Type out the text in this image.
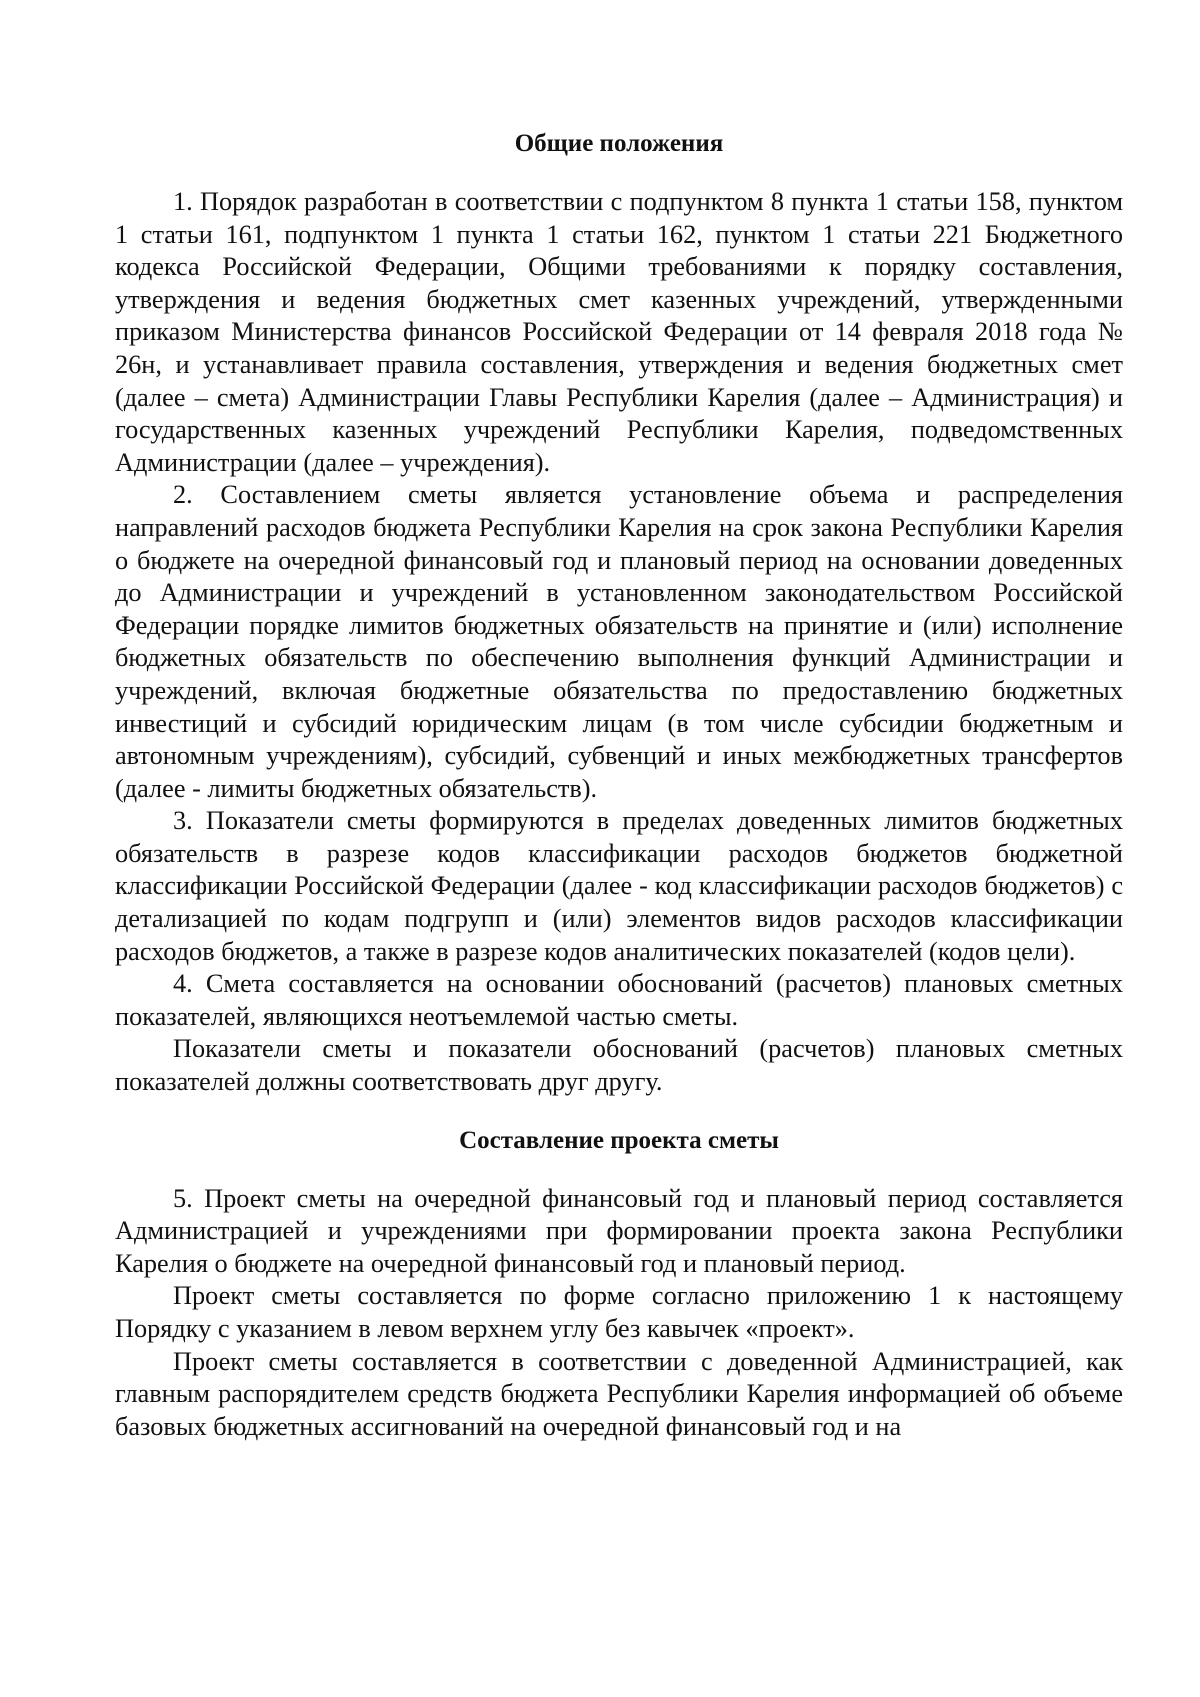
Общие положения

1. Порядок разработан в соответствии с подпунктом 8 пункта 1 статьи 158, пунктом 1 статьи 161, подпунктом 1 пункта 1 статьи 162, пунктом 1 статьи 221 Бюджетного кодекса Российской Федерации, Общими требованиями к порядку составления, утверждения и ведения бюджетных смет казенных учреждений, утвержденными приказом Министерства финансов Российской Федерации от 14 февраля 2018 года № 26н, и устанавливает правила составления, утверждения и ведения бюджетных смет (далее – смета) Администрации Главы Республики Карелия (далее – Администрация) и государственных казенных учреждений Республики Карелия, подведомственных Администрации (далее – учреждения).

2. Составлением сметы является установление объема и распределения направлений расходов бюджета Республики Карелия на срок закона Республики Карелия о бюджете на очередной финансовый год и плановый период на основании доведенных до Администрации и учреждений в установленном законодательством Российской Федерации порядке лимитов бюджетных обязательств на принятие и (или) исполнение бюджетных обязательств по обеспечению выполнения функций Администрации и учреждений, включая бюджетные обязательства по предоставлению бюджетных инвестиций и субсидий юридическим лицам (в том числе субсидии бюджетным и автономным учреждениям), субсидий, субвенций и иных межбюджетных трансфертов (далее - лимиты бюджетных обязательств).

3. Показатели сметы формируются в пределах доведенных лимитов бюджетных обязательств в разрезе кодов классификации расходов бюджетов бюджетной классификации Российской Федерации (далее - код классификации расходов бюджетов) с детализацией по кодам подгрупп и (или) элементов видов расходов классификации расходов бюджетов, а также в разрезе кодов аналитических показателей (кодов цели).

4. Смета составляется на основании обоснований (расчетов) плановых сметных показателей, являющихся неотъемлемой частью сметы.

Показатели сметы и показатели обоснований (расчетов) плановых сметных показателей должны соответствовать друг другу.

Составление проекта сметы

5. Проект сметы на очередной финансовый год и плановый период составляется Администрацией и учреждениями при формировании проекта закона Республики Карелия о бюджете на очередной финансовый год и плановый период.

Проект сметы составляется по форме согласно приложению 1 к настоящему Порядку с указанием в левом верхнем углу без кавычек «проект».

Проект сметы составляется в соответствии с доведенной Администрацией, как главным распорядителем средств бюджета Республики Карелия информацией об объеме базовых бюджетных ассигнований на очередной финансовый год и на
